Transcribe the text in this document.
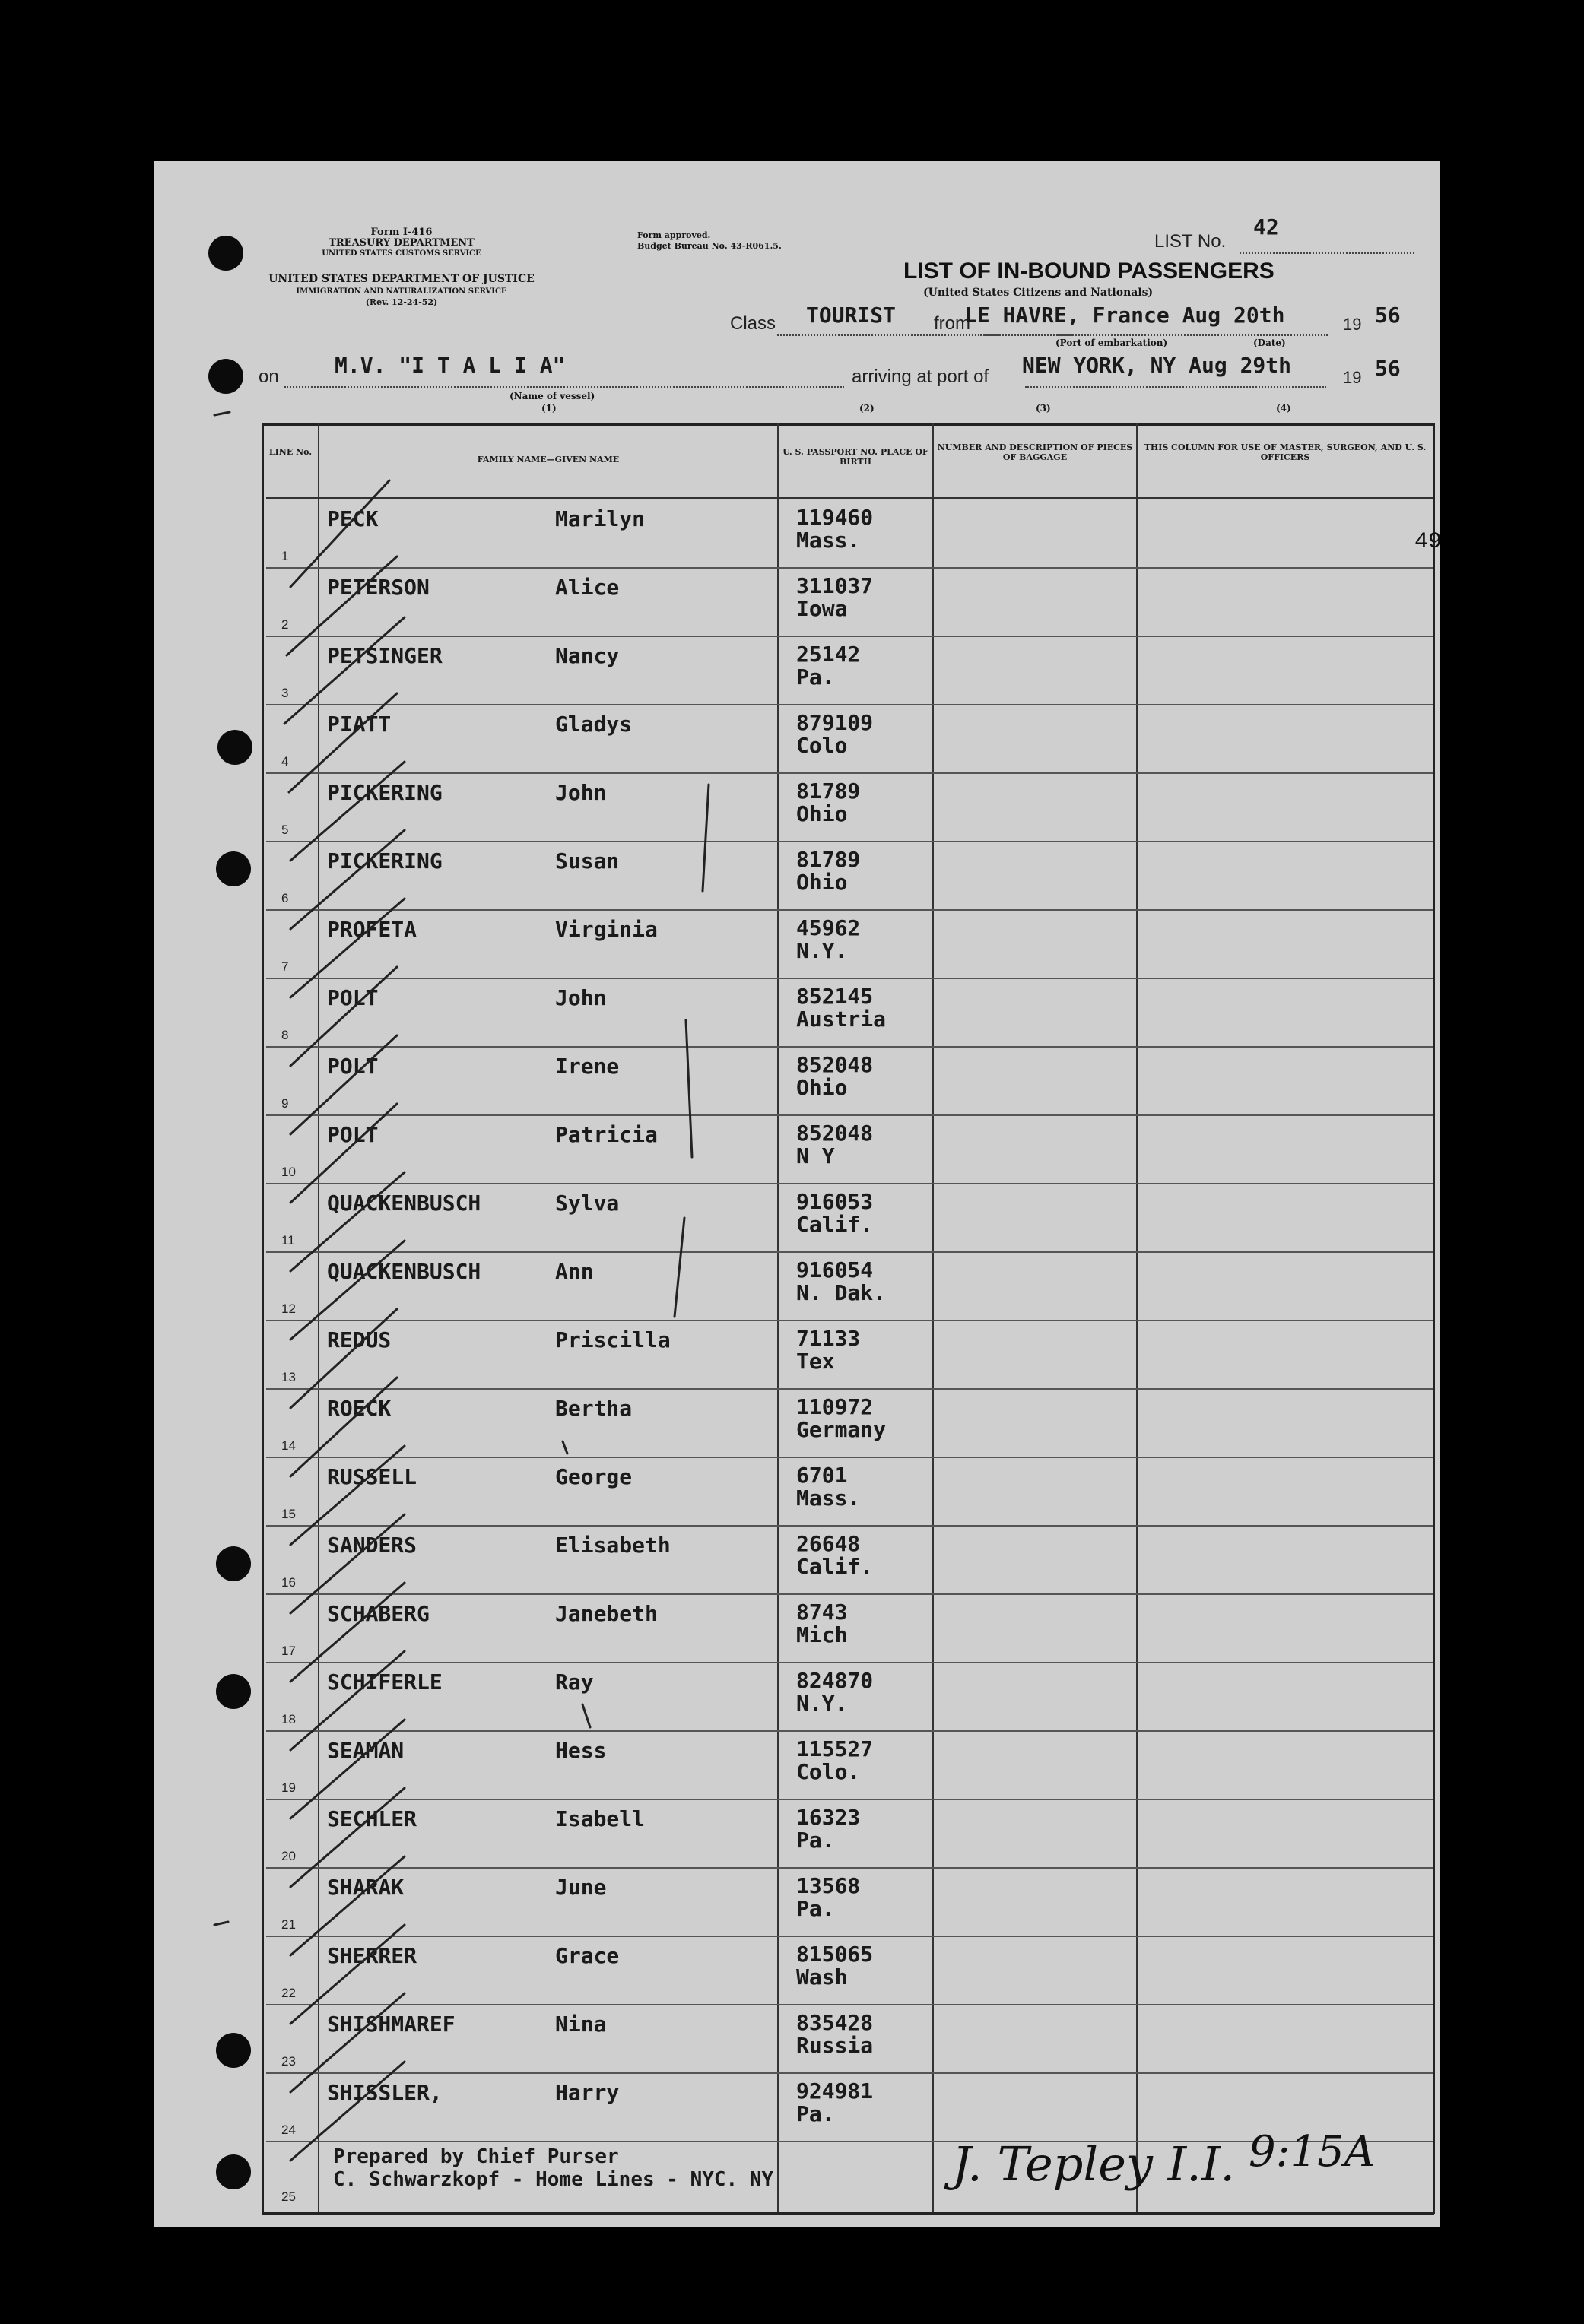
Form I-416
TREASURY DEPARTMENT
UNITED STATES CUSTOMS SERVICE
UNITED STATES DEPARTMENT OF JUSTICE
IMMIGRATION AND NATURALIZATION SERVICE
(Rev. 12-24-52)
Form approved.
Budget Bureau No. 43-R061.5.	LIST No.
42
LIST OF IN-BOUND PASSENGERS
(United States Citizens and Nationals)
Class TOURIST from
LE HAVRE, France Aug 20th	19 56
(Port of embarkation)	(Date)
on	M.V. "I T A L I A"
(Name of vessel)
(1)
arriving at port of NEW YORK, NY Aug 29th	19 56
(2)	(3)	(4)
LINE No.
FAMILY NAME—GIVEN NAME
U. S. PASSPORT NO. PLACE OF BIRTH
NUMBER AND DESCRIPTION OF PIECES OF BAGGAGE
THIS COLUMN FOR USE OF MASTER, SURGEON, AND U. S. OFFICERS
49
1
PECK	Marilyn	119460
Mass.
2
PETERSON	Alice	311037
Iowa
3
PETSINGER	Nancy	25142
Pa.
4
PIATT	Gladys	879109
Colo
5
PICKERING	John	81789
Ohio
6
PICKERING	Susan	81789
Ohio
7
PROFETA	Virginia	45962
N.Y.
8
POLT	John	852145
Austria
9
POLT	Irene	852048
Ohio
10
POLT	Patricia	852048
N Y
11
QUACKENBUSCH	Sylva	916053
Calif.
12
QUACKENBUSCH	Ann	916054
N. Dak.
13
REDUS	Priscilla	71133
Tex
14
ROECK	Bertha	110972
Germany
15
RUSSELL	George	6701
Mass.
16
SANDERS	Elisabeth	26648
Calif.
17
SCHABERG	Janebeth	8743
Mich
18
SCHIFERLE	Ray	824870
N.Y.
19
SEAMAN	Hess	115527
Colo.
20
SECHLER	Isabell	16323
Pa.
21
SHARAK	June	13568
Pa.
22
SHERRER	Grace	815065
Wash
23
SHISHMAREF	Nina	835428
Russia
24
SHISSLER,	Harry	924981
Pa.
25
Prepared by Chief Purser
C. Schwarzkopf - Home Lines - NYC. NY	J. Tepley I.I. 9:15A
